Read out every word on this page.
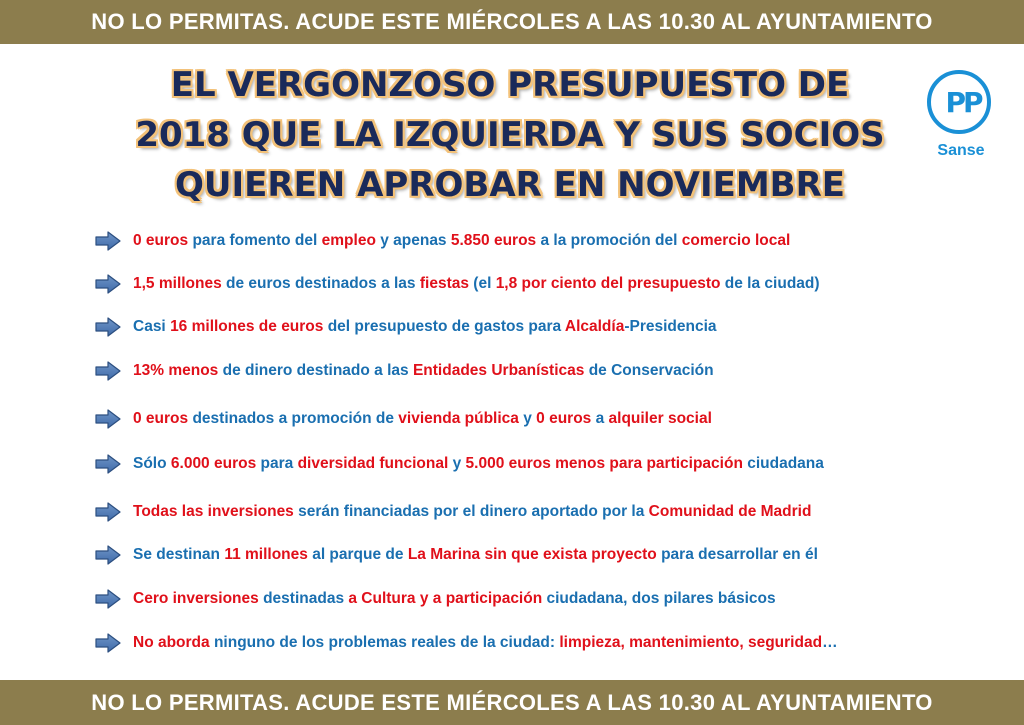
NO LO PERMITAS. ACUDE ESTE MIÉRCOLES A LAS 10.30 AL AYUNTAMIENTO
EL VERGONZOSO PRESUPUESTO DE
2018 QUE LA IZQUIERDA Y SUS SOCIOS
QUIEREN APROBAR EN NOVIEMBRE
PP
Sanse
0 euros para fomento del empleo y apenas 5.850 euros a la promoción del comercio local
1,5 millones de euros destinados a las fiestas (el 1,8 por ciento del presupuesto de la ciudad)
Casi 16 millones de euros del presupuesto de gastos para Alcaldía-Presidencia
13% menos de dinero destinado a las Entidades Urbanísticas de Conservación
0 euros destinados a promoción de vivienda pública y 0 euros a alquiler social
Sólo 6.000 euros para diversidad funcional y 5.000 euros menos para participación ciudadana
Todas las inversiones serán financiadas por el dinero aportado por la Comunidad de Madrid
Se destinan 11 millones al parque de La Marina sin que exista proyecto para desarrollar en él
Cero inversiones destinadas a Cultura y a participación ciudadana, dos pilares básicos
No aborda ninguno de los problemas reales de la ciudad: limpieza, mantenimiento, seguridad…
NO LO PERMITAS. ACUDE ESTE MIÉRCOLES A LAS 10.30 AL AYUNTAMIENTO
